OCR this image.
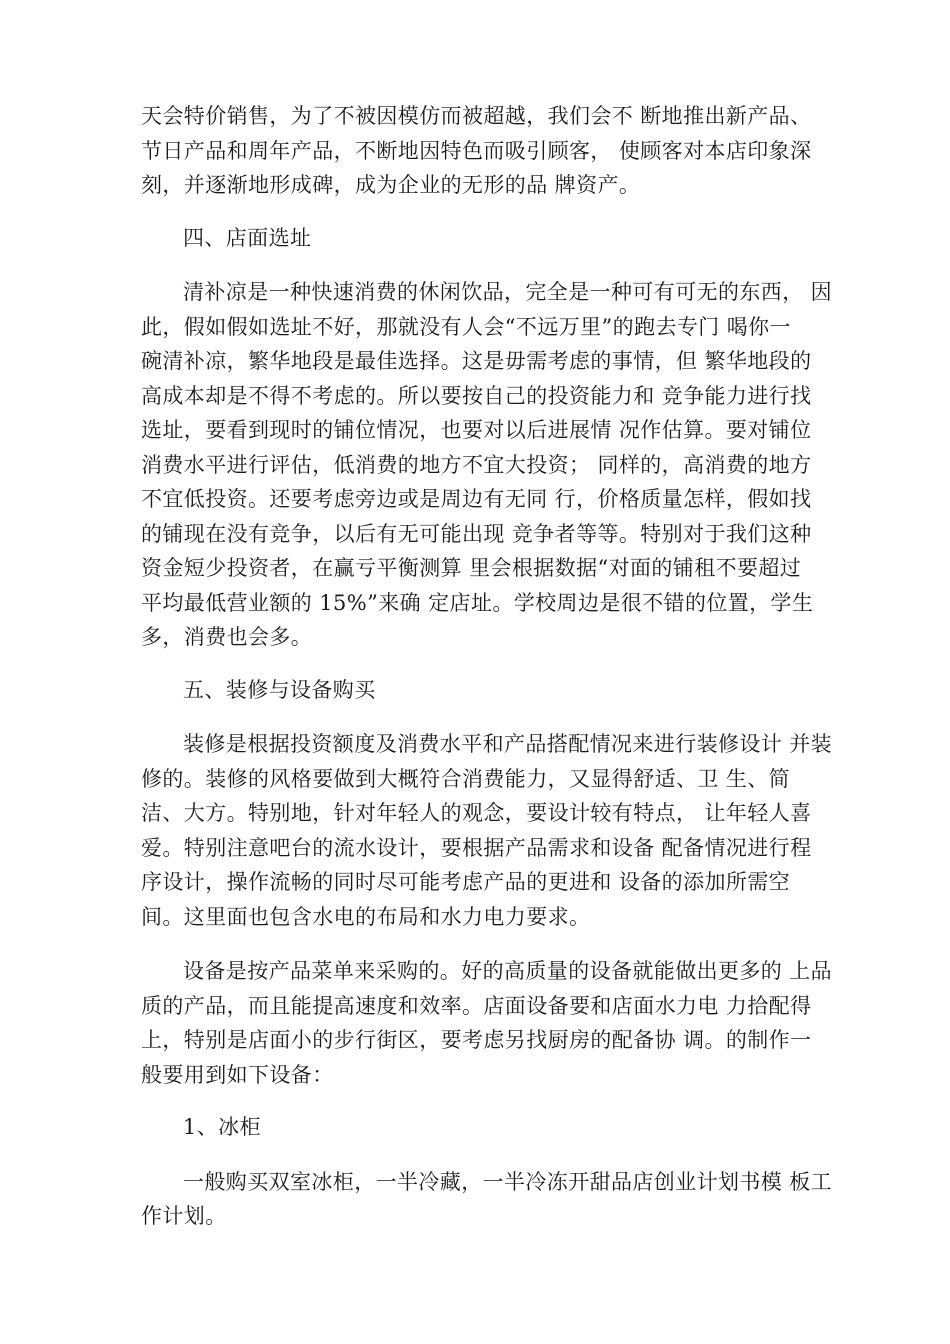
天会特价销售，为了不被因模仿而被超越，我们会不 断地推出新产品、
节日产品和周年产品，不断地因特色而吸引顾客， 使顾客对本店印象深
刻，并逐渐地形成碑，成为企业的无形的品 牌资产。

四、店面选址

清补凉是一种快速消费的休闲饮品，完全是一种可有可无的东西， 因
此，假如假如选址不好，那就没有人会“不远万里”的跑去专门 喝你一
碗清补凉，繁华地段是最佳选择。这是毋需考虑的事情，但 繁华地段的
高成本却是不得不考虑的。所以要按自己的投资能力和 竞争能力进行找
选址，要看到现时的铺位情况，也要对以后进展情 况作估算。要对铺位
消费水平进行评估，低消费的地方不宜大投资； 同样的，高消费的地方
不宜低投资。还要考虑旁边或是周边有无同 行，价格质量怎样，假如找
的铺现在没有竞争，以后有无可能出现 竞争者等等。特别对于我们这种
资金短少投资者，在赢亏平衡测算 里会根据数据“对面的铺租不要超过
平均最低营业额的 15%”来确 定店址。学校周边是很不错的位置，学生
多，消费也会多。

五、装修与设备购买

装修是根据投资额度及消费水平和产品搭配情况来进行装修设计 并装
修的。装修的风格要做到大概符合消费能力，又显得舒适、卫 生、简
洁、大方。特别地，针对年轻人的观念，要设计较有特点， 让年轻人喜
爱。特别注意吧台的流水设计，要根据产品需求和设备 配备情况进行程
序设计，操作流畅的同时尽可能考虑产品的更进和 设备的添加所需空
间。这里面也包含水电的布局和水力电力要求。

设备是按产品菜单来采购的。好的高质量的设备就能做出更多的 上品
质的产品，而且能提高速度和效率。店面设备要和店面水力电 力拾配得
上，特别是店面小的步行街区，要考虑另找厨房的配备协 调。的制作一
般要用到如下设备：

1、冰柜

一般购买双室冰柜，一半冷藏，一半冷冻开甜品店创业计划书模 板工
作计划。
